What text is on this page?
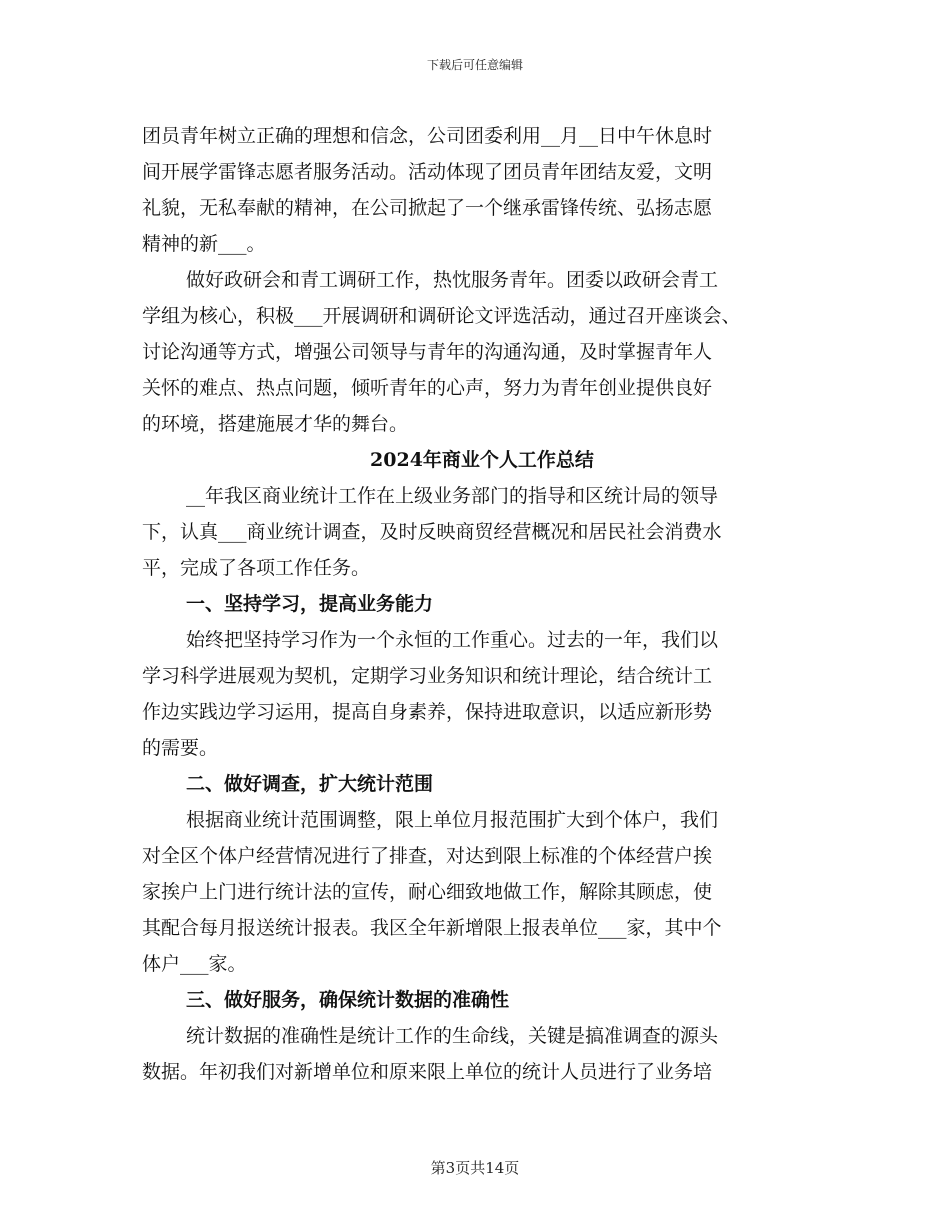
下载后可任意编辑
团员青年树立正确的理想和信念，公司团委利用__月__日中午休息时
间开展学雷锋志愿者服务活动。活动体现了团员青年团结友爱，文明
礼貌，无私奉献的精神，在公司掀起了一个继承雷锋传统、弘扬志愿
精神的新___。
做好政研会和青工调研工作，热忱服务青年。团委以政研会青工
学组为核心，积极___开展调研和调研论文评选活动，通过召开座谈会、
讨论沟通等方式，增强公司领导与青年的沟通沟通，及时掌握青年人
关怀的难点、热点问题，倾听青年的心声，努力为青年创业提供良好
的环境，搭建施展才华的舞台。
2024年商业个人工作总结
__年我区商业统计工作在上级业务部门的指导和区统计局的领导
下，认真___商业统计调查，及时反映商贸经营概况和居民社会消费水
平，完成了各项工作任务。
一、坚持学习，提高业务能力
始终把坚持学习作为一个永恒的工作重心。过去的一年，我们以
学习科学进展观为契机，定期学习业务知识和统计理论，结合统计工
作边实践边学习运用，提高自身素养，保持进取意识，以适应新形势
的需要。
二、做好调查，扩大统计范围
根据商业统计范围调整，限上单位月报范围扩大到个体户，我们
对全区个体户经营情况进行了排查，对达到限上标准的个体经营户挨
家挨户上门进行统计法的宣传，耐心细致地做工作，解除其顾虑，使
其配合每月报送统计报表。我区全年新增限上报表单位___家，其中个
体户___家。
三、做好服务，确保统计数据的准确性
统计数据的准确性是统计工作的生命线，关键是搞准调查的源头
数据。年初我们对新增单位和原来限上单位的统计人员进行了业务培
第3页共14页
